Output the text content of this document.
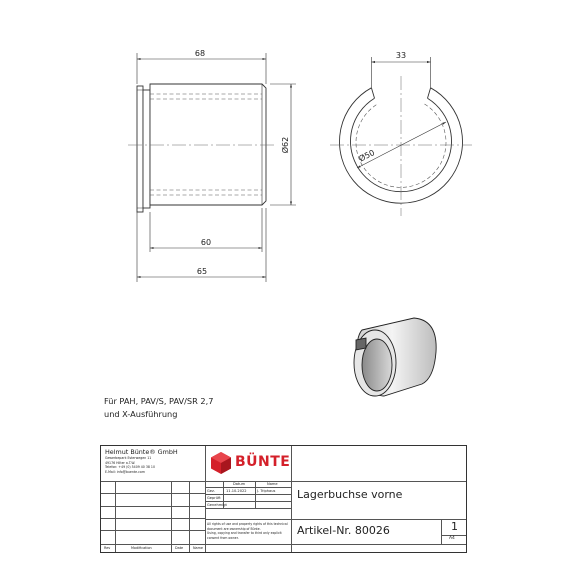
68
60
65
Ø62
33
Ø50
Für PAH, PAV/S, PAV/SR 2,7
und X-Ausführung
Helmut Bünte® GmbH
Gewerbepark Esterwegen 11
49176 Hilter a.T.W.
Telefon: +49 (0) 5409 40 38 10
E-Mail: info@buente.com
BÜNTE
Rev	Modification	Date	Name
Datum	Name
Gez.	11.10.2022	J. Triphaus
Geprüft
Genehmigt
All rights of use and property rights of this technical
document are ownership of Bünte.
Using, copying and transfer to third only explicit
consent from owner.
Lagerbuchse vorne
Artikel-Nr. 80026	1
A4
